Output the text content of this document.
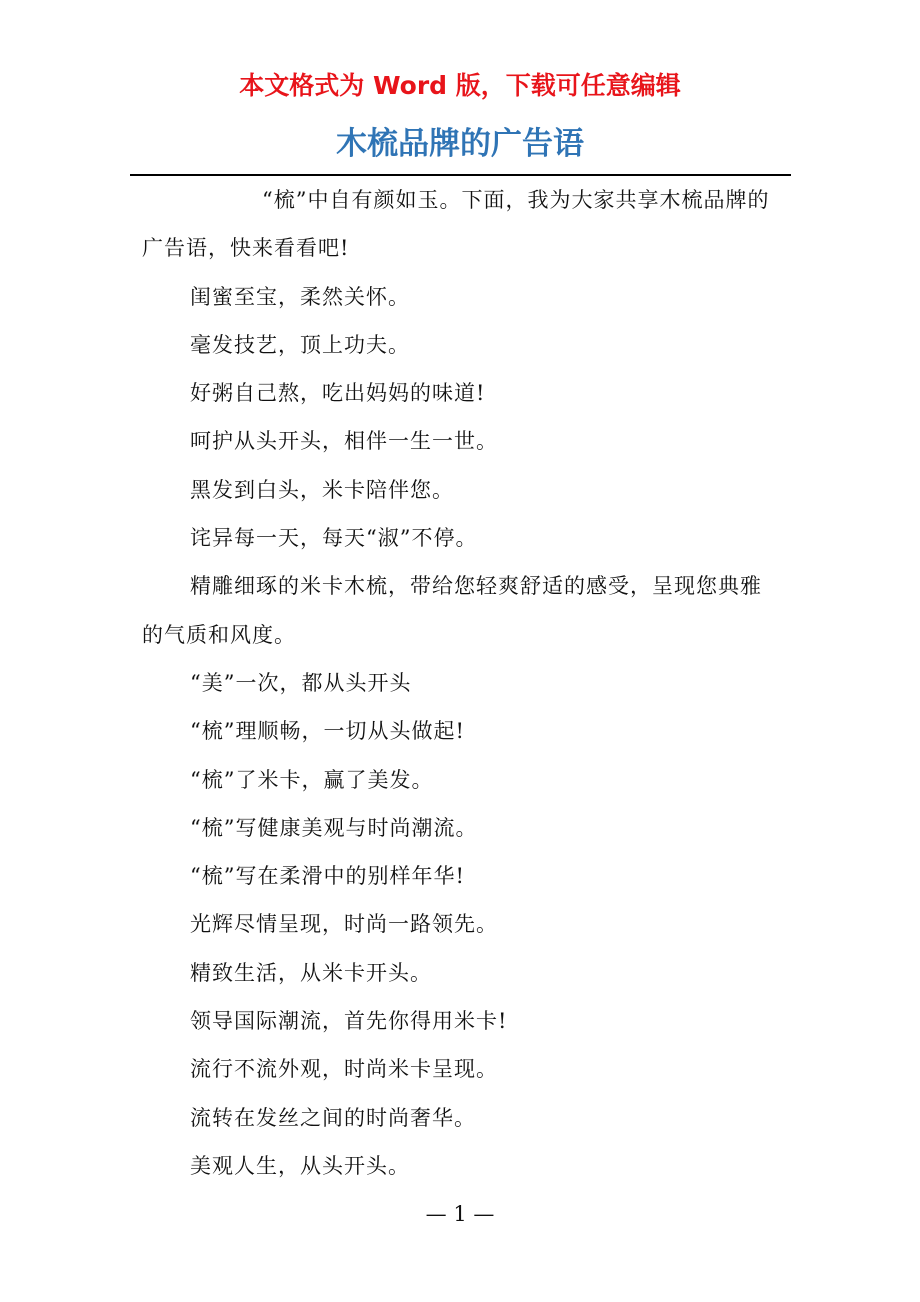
本文格式为 Word 版，下载可任意编辑
木梳品牌的广告语

“梳”中自有颜如玉。下面，我为大家共享木梳品牌的广告语，快来看看吧!

闺蜜至宝，柔然关怀。

毫发技艺，顶上功夫。

好粥自己熬，吃出妈妈的味道!

呵护从头开头，相伴一生一世。

黑发到白头，米卡陪伴您。

诧异每一天，每天“淑”不停。

精雕细琢的米卡木梳，带给您轻爽舒适的感受，呈现您典雅的气质和风度。

“美”一次，都从头开头

“梳”理顺畅，一切从头做起!

“梳”了米卡，赢了美发。

“梳”写健康美观与时尚潮流。

“梳”写在柔滑中的别样年华!

光辉尽情呈现，时尚一路领先。

精致生活，从米卡开头。

领导国际潮流，首先你得用米卡!

流行不流外观，时尚米卡呈现。

流转在发丝之间的时尚奢华。

美观人生，从头开头。

— 1 —
